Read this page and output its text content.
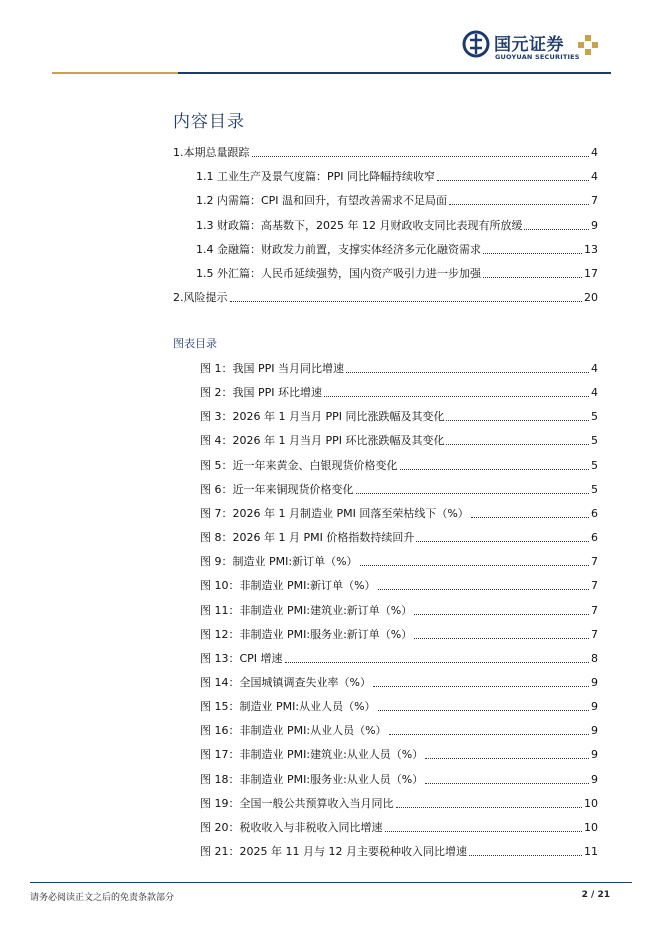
国元证券
GUOYUAN SECURITIES
内容目录
1.本期总量跟踪	4
1.1 工业生产及景气度篇：PPI 同比降幅持续收窄	4
1.2 内需篇：CPI 温和回升，有望改善需求不足局面	7
1.3 财政篇：高基数下，2025 年 12 月财政收支同比表现有所放缓	9
1.4 金融篇：财政发力前置，支撑实体经济多元化融资需求	13
1.5 外汇篇：人民币延续强势，国内资产吸引力进一步加强	17
2.风险提示	20
图表目录
图 1：我国 PPI 当月同比增速	4
图 2：我国 PPI 环比增速	4
图 3：2026 年 1 月当月 PPI 同比涨跌幅及其变化	5
图 4：2026 年 1 月当月 PPI 环比涨跌幅及其变化	5
图 5：近一年来黄金、白银现货价格变化	5
图 6：近一年来铜现货价格变化	5
图 7：2026 年 1 月制造业 PMI 回落至荣枯线下（%）	6
图 8：2026 年 1 月 PMI 价格指数持续回升	6
图 9：制造业 PMI:新订单（%）	7
图 10：非制造业 PMI:新订单（%）	7
图 11：非制造业 PMI:建筑业:新订单（%）	7
图 12：非制造业 PMI:服务业:新订单（%）	7
图 13：CPI 增速	8
图 14：全国城镇调查失业率（%）	9
图 15：制造业 PMI:从业人员（%）	9
图 16：非制造业 PMI:从业人员（%）	9
图 17：非制造业 PMI:建筑业:从业人员（%）	9
图 18：非制造业 PMI:服务业:从业人员（%）	9
图 19：全国一般公共预算收入当月同比	10
图 20：税收收入与非税收入同比增速	10
图 21：2025 年 11 月与 12 月主要税种收入同比增速	11
请务必阅读正文之后的免责条款部分	2 / 21
